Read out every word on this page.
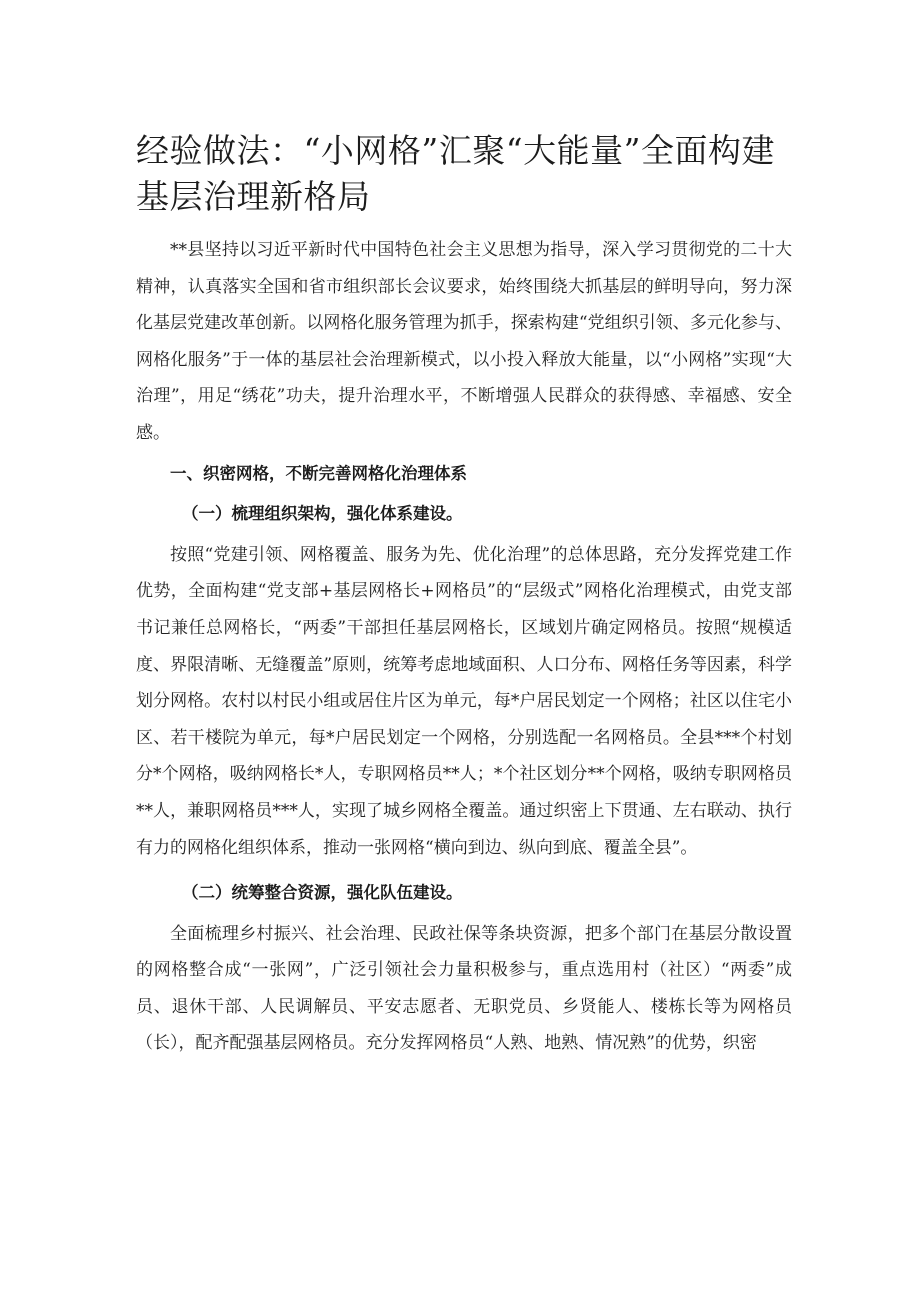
经验做法：“小网格”汇聚“大能量”全面构建基层治理新格局

**县坚持以习近平新时代中国特色社会主义思想为指导，深入学习贯彻党的二十大精神，认真落实全国和省市组织部长会议要求，始终围绕大抓基层的鲜明导向，努力深化基层党建改革创新。以网格化服务管理为抓手，探索构建“党组织引领、多元化参与、网格化服务”于一体的基层社会治理新模式，以小投入释放大能量，以“小网格”实现“大治理”，用足“绣花”功夫，提升治理水平，不断增强人民群众的获得感、幸福感、安全感。

一、织密网格，不断完善网格化治理体系

（一）梳理组织架构，强化体系建设。

按照“党建引领、网格覆盖、服务为先、优化治理”的总体思路，充分发挥党建工作优势，全面构建“党支部+基层网格长+网格员”的“层级式”网格化治理模式，由党支部书记兼任总网格长，“两委”干部担任基层网格长，区域划片确定网格员。按照“规模适度、界限清晰、无缝覆盖”原则，统筹考虑地域面积、人口分布、网格任务等因素，科学划分网格。农村以村民小组或居住片区为单元，每*户居民划定一个网格；社区以住宅小区、若干楼院为单元，每*户居民划定一个网格，分别选配一名网格员。全县***个村划分*个网格，吸纳网格长*人，专职网格员**人；*个社区划分**个网格，吸纳专职网格员**人，兼职网格员***人，实现了城乡网格全覆盖。通过织密上下贯通、左右联动、执行有力的网格化组织体系，推动一张网格“横向到边、纵向到底、覆盖全县”。

（二）统筹整合资源，强化队伍建设。

全面梳理乡村振兴、社会治理、民政社保等条块资源，把多个部门在基层分散设置的网格整合成“一张网”，广泛引领社会力量积极参与，重点选用村（社区）“两委”成员、退休干部、人民调解员、平安志愿者、无职党员、乡贤能人、楼栋长等为网格员（长），配齐配强基层网格员。充分发挥网格员“人熟、地熟、情况熟”的优势，织密
